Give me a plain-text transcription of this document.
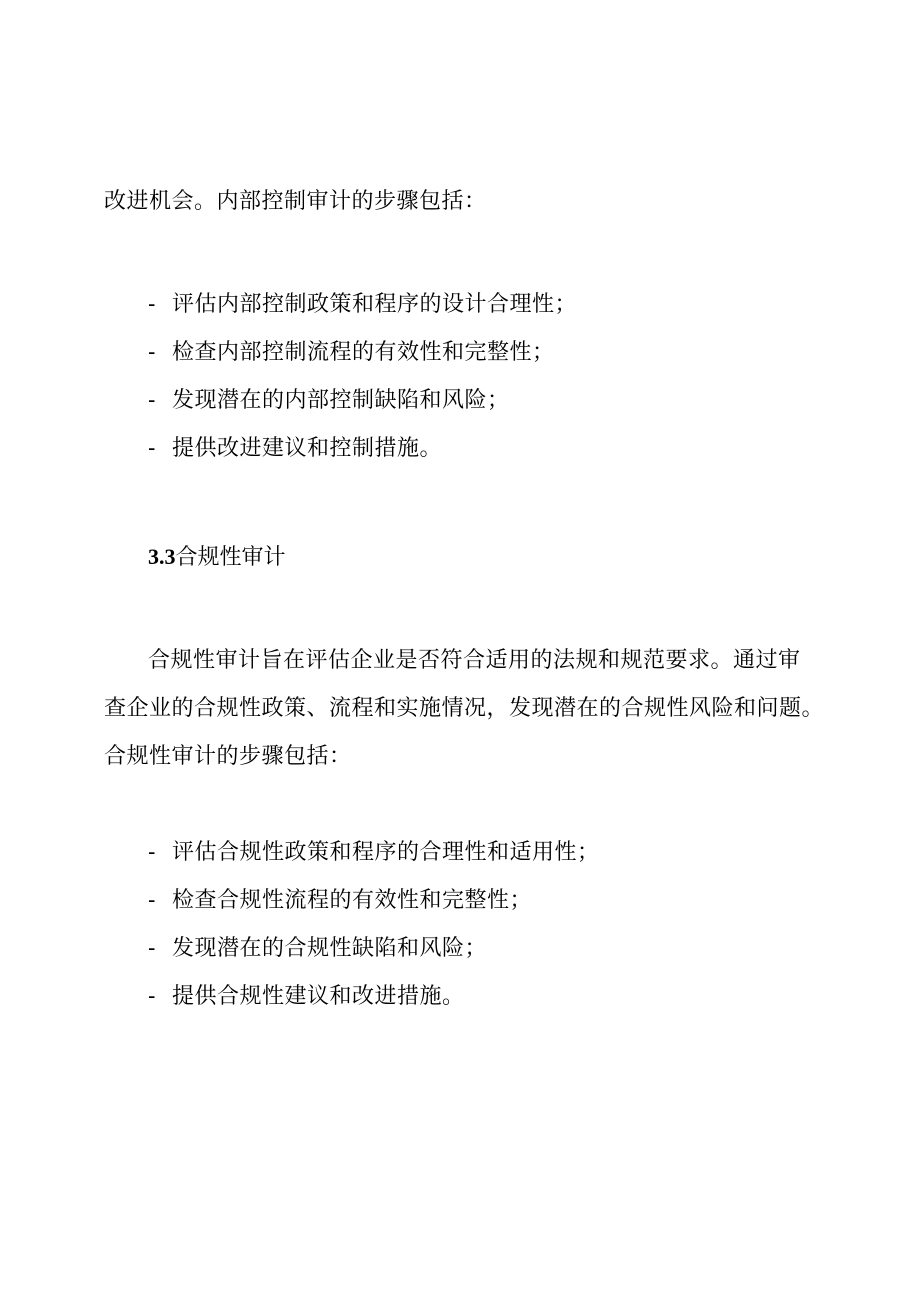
改进机会。内部控制审计的步骤包括：
- 评估内部控制政策和程序的设计合理性；
- 检查内部控制流程的有效性和完整性；
- 发现潜在的内部控制缺陷和风险；
- 提供改进建议和控制措施。
3.3合规性审计
合规性审计旨在评估企业是否符合适用的法规和规范要求。通过审
查企业的合规性政策、流程和实施情况，发现潜在的合规性风险和问题。
合规性审计的步骤包括：
- 评估合规性政策和程序的合理性和适用性；
- 检查合规性流程的有效性和完整性；
- 发现潜在的合规性缺陷和风险；
- 提供合规性建议和改进措施。
